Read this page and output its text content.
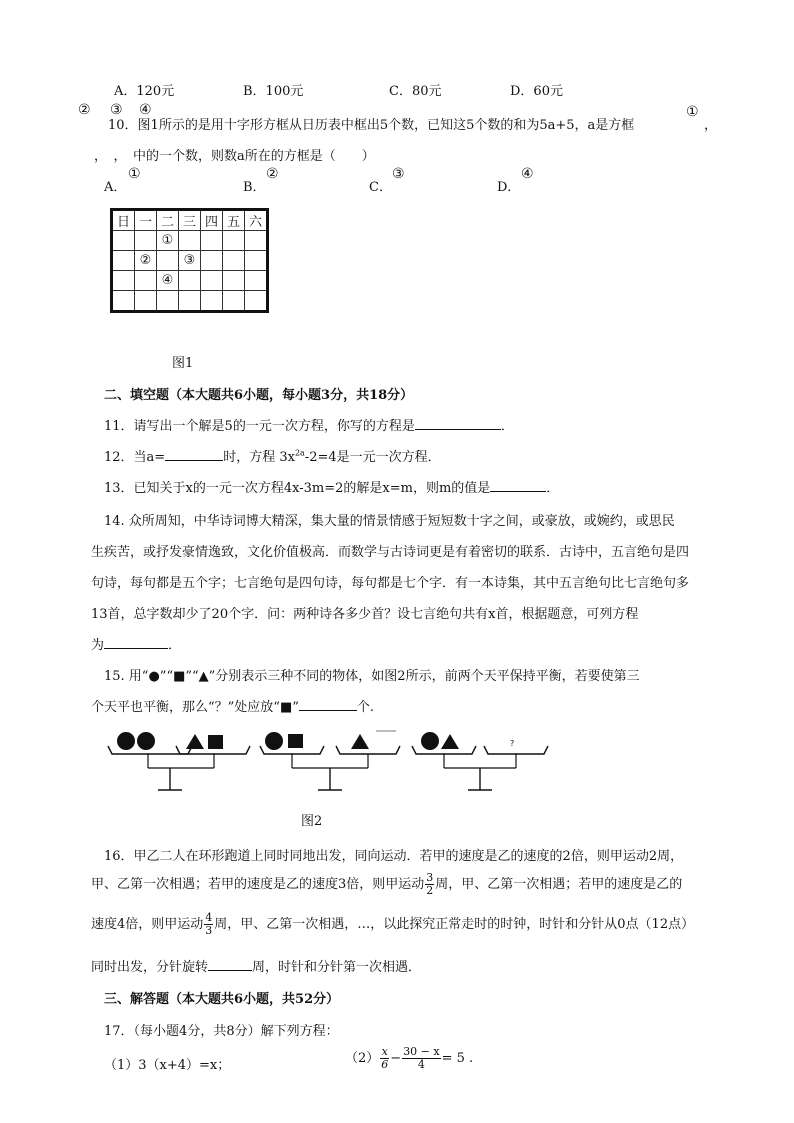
A．120元	B．100元	C．80元	D．60元
② ③ ④
10．图1所示的是用十字形方框从日历表中框出5个数，已知这5个数的和为5a+5，a是方框
①
，
，　，　中的一个数，则数a所在的方框是（　　）
A．
①
B．
②
C．
③
D．
④
日	一	二	三	四	五	六
		①				
	②		③			
		④				

图1
二、填空题（本大题共6小题，每小题3分，共18分）
11．请写出一个解是5的一元一次方程，你写的方程是	．
12．当a=	时，方程 $3x^{2a}-2=4$是一元一次方程．
13．已知关于x的一元一次方程4x-3m=2的解是x=m，则m的值是	．
14. 众所周知，中华诗词博大精深，集大量的情景情感于短短数十字之间，或豪放，或婉约，或思民
生疾苦，或抒发豪情逸致，文化价值极高．而数学与古诗词更是有着密切的联系．古诗中，五言绝句是四
句诗，每句都是五个字；七言绝句是四句诗，每句都是七个字．有一本诗集，其中五言绝句比七言绝句多
13首，总字数却少了20个字．问：两种诗各多少首？设七言绝句共有x首，根据题意，可列方程
为	．
15. 用“●”“■”“▲”分别表示三种不同的物体，如图2所示，前两个天平保持平衡，若要使第三
个天平也平衡，那么“？”处应放“■”	个.
?
图2
16．甲乙二人在环形跑道上同时同地出发，同向运动．若甲的速度是乙的速度的2倍，则甲运动2周，
甲、乙第一次相遇；若甲的速度是乙的速度3倍，则甲运动 $\frac{3}{2}$ 周，甲、乙第一次相遇；若甲的速度是乙的
速度4倍，则甲运动 $\frac{4}{3}$ 周，甲、乙第一次相遇，…，以此探究正常走时的时钟，时针和分针从0点（12点）
同时出发，分针旋转	周，时针和分针第一次相遇．
三、解答题（本大题共6小题，共52分）
17．（每小题4分，共8分）解下列方程：
（1）3（x+4）=x；	$(2) \frac{x}{6} - \frac{30 - x}{4} = 5$ .
